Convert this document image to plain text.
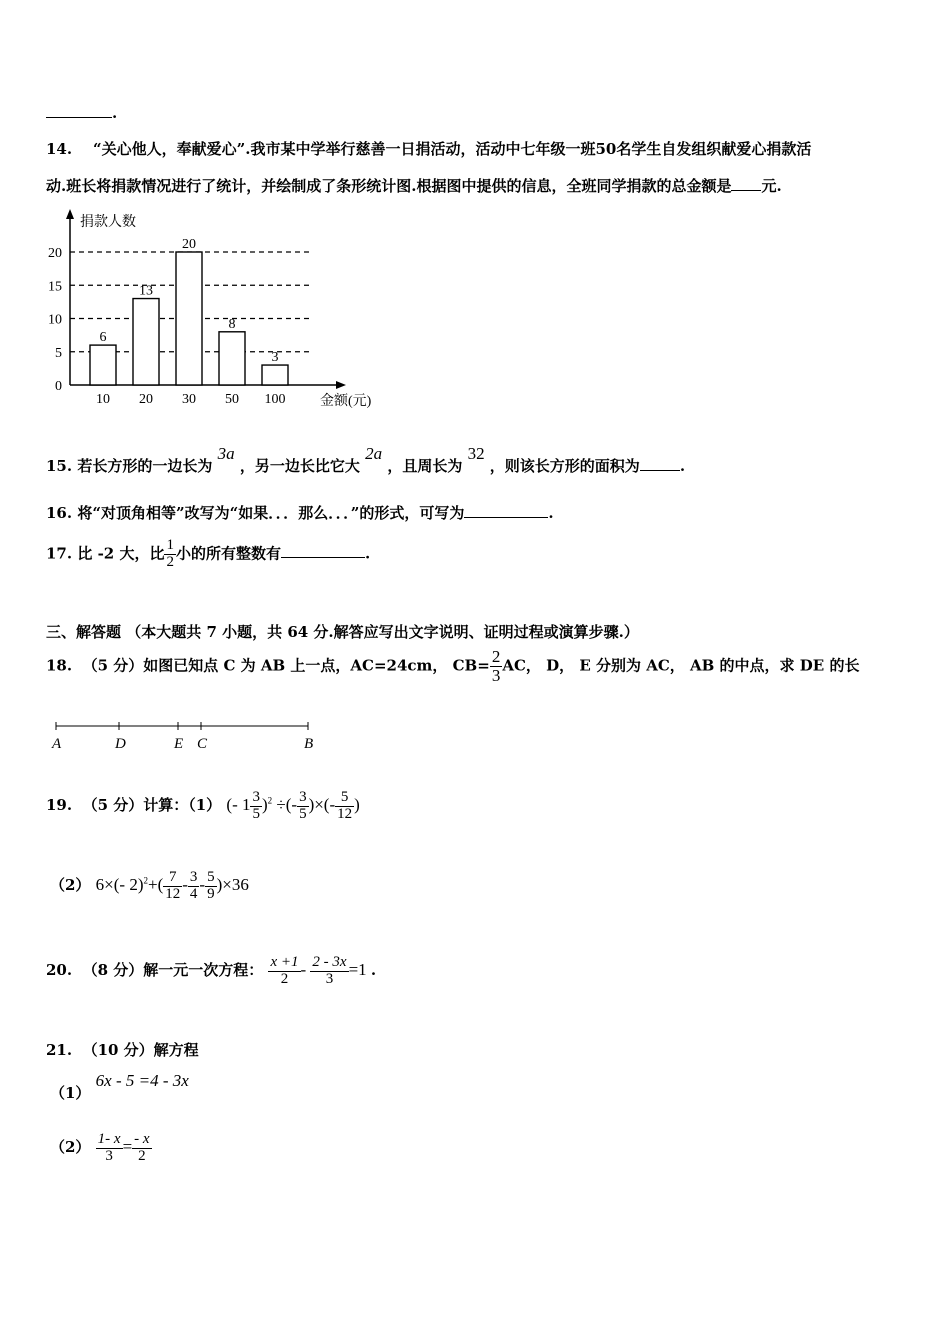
.
14. “关心他人，奉献爱心”.我市某中学举行慈善一日捐活动，活动中七年级一班50名学生自发组织献爱心捐款活
动.班长将捐款情况进行了统计，并绘制成了条形统计图.根据图中提供的信息，全班同学捐款的总金额是 元.
6
13
20
8
3
0
5
10
15
20
10 20 30 50 100
捐款人数
金额(元)
15. 若长方形的一边长为 3a ，另一边长比它大 2a ，且周长为 32 ，则该长方形的面积为	.
16. 将“对顶角相等”改写为“如果．．．那么．．．”的形式，可写为	.
17. 比 -2 大，比 $\frac{1}{2}$ 小的所有整数有	.
三、解答题 （本大题共 7 小题，共 64 分.解答应写出文字说明、证明过程或演算步骤.）
18. （5 分）如图已知点 C 为 AB 上一点，AC=24cm， $CB= \frac{2}{3}$ AC， D， E 分别为 AC， AB 的中点，求 DE 的长
A	D	E C	B
19. （5 分）计算：（1） (- $1 \frac{3}{5} )^2$ ÷(- $\frac{3}{5}$ )×(- $\frac{5}{12}$ )
（2） 6×(- $2)^2+( \frac{7}{12} - \frac{3}{4} - \frac{5}{9} )\times 36$
20. （8 分）解一元一次方程： $\frac{x +1}{2} - \frac{2 - 3x}{3} =1$ .
21. （10 分）解方程
（1） 6x - 5 =4 - 3x
$(2) \frac{1- x}{3} = \frac{- x}{2}$
